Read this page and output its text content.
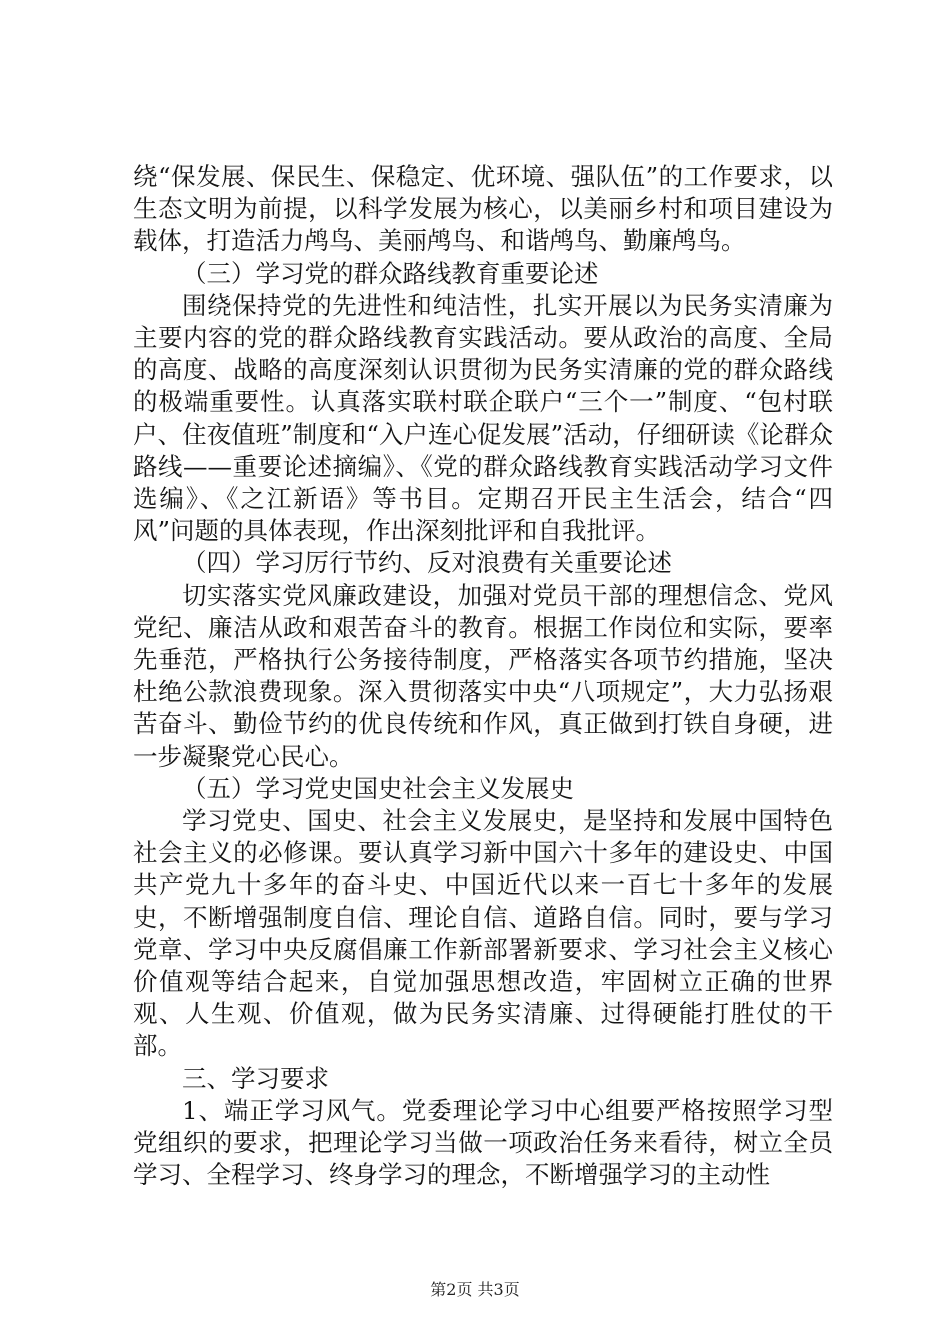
绕“保发展、保民生、保稳定、优环境、强队伍”的工作要求，以生态文明为前提，以科学发展为核心，以美丽乡村和项目建设为载体，打造活力鸬鸟、美丽鸬鸟、和谐鸬鸟、勤廉鸬鸟。

（三）学习党的群众路线教育重要论述

围绕保持党的先进性和纯洁性，扎实开展以为民务实清廉为主要内容的党的群众路线教育实践活动。要从政治的高度、全局的高度、战略的高度深刻认识贯彻为民务实清廉的党的群众路线的极端重要性。认真落实联村联企联户“三个一”制度、“包村联户、住夜值班”制度和“入户连心促发展”活动，仔细研读《论群众路线——重要论述摘编》、《党的群众路线教育实践活动学习文件选编》、《之江新语》等书目。定期召开民主生活会，结合“四风”问题的具体表现，作出深刻批评和自我批评。

（四）学习厉行节约、反对浪费有关重要论述

切实落实党风廉政建设，加强对党员干部的理想信念、党风党纪、廉洁从政和艰苦奋斗的教育。根据工作岗位和实际，要率先垂范，严格执行公务接待制度，严格落实各项节约措施，坚决杜绝公款浪费现象。深入贯彻落实中央“八项规定”，大力弘扬艰苦奋斗、勤俭节约的优良传统和作风，真正做到打铁自身硬，进一步凝聚党心民心。

（五）学习党史国史社会主义发展史

学习党史、国史、社会主义发展史，是坚持和发展中国特色社会主义的必修课。要认真学习新中国六十多年的建设史、中国共产党九十多年的奋斗史、中国近代以来一百七十多年的发展史，不断增强制度自信、理论自信、道路自信。同时，要与学习党章、学习中央反腐倡廉工作新部署新要求、学习社会主义核心价值观等结合起来，自觉加强思想改造，牢固树立正确的世界观、人生观、价值观，做为民务实清廉、过得硬能打胜仗的干部。

三、学习要求

1、端正学习风气。党委理论学习中心组要严格按照学习型党组织的要求，把理论学习当做一项政治任务来看待，树立全员学习、全程学习、终身学习的理念，不断增强学习的主动性

第2页 共3页
